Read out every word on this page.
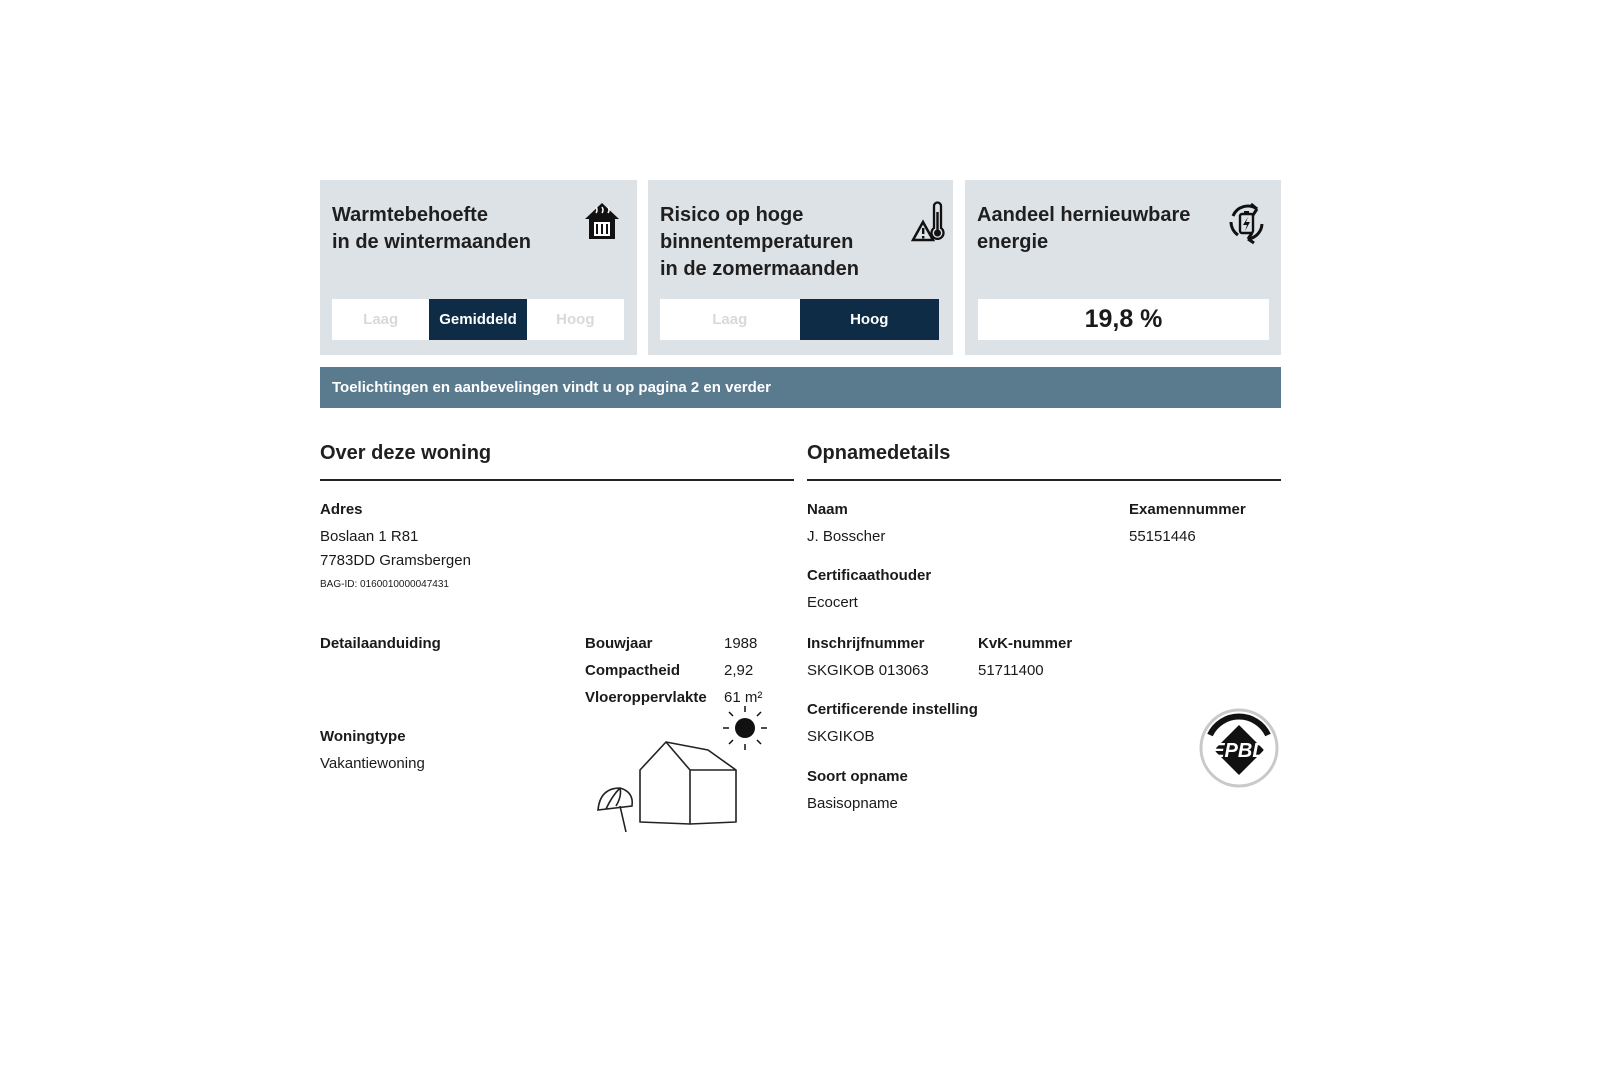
Warmtebehoefte
in de wintermaanden
Laag	Gemiddeld	Hoog
Risico op hoge
binnentemperaturen
in de zomermaanden
Laag	Hoog
Aandeel hernieuwbare
energie
19,8 %
Toelichtingen en aanbevelingen vindt u op pagina 2 en verder
Over deze woning
Adres
Boslaan 1 R81
7783DD Gramsbergen
BAG-ID: 0160010000047431
Detailaanduiding	Bouwjaar	1988
Compactheid	2,92
Vloeroppervlakte 61 m²
Woningtype
Vakantiewoning
Opnamedetails
Naam
J. Bosscher
Examennummer
55151446
Certificaathouder
Ecocert
Inschrijfnummer
SKGIKOB 013063
KvK-nummer
51711400
Certificerende instelling
SKGIKOB
Soort opname
Basisopname
EPBD
